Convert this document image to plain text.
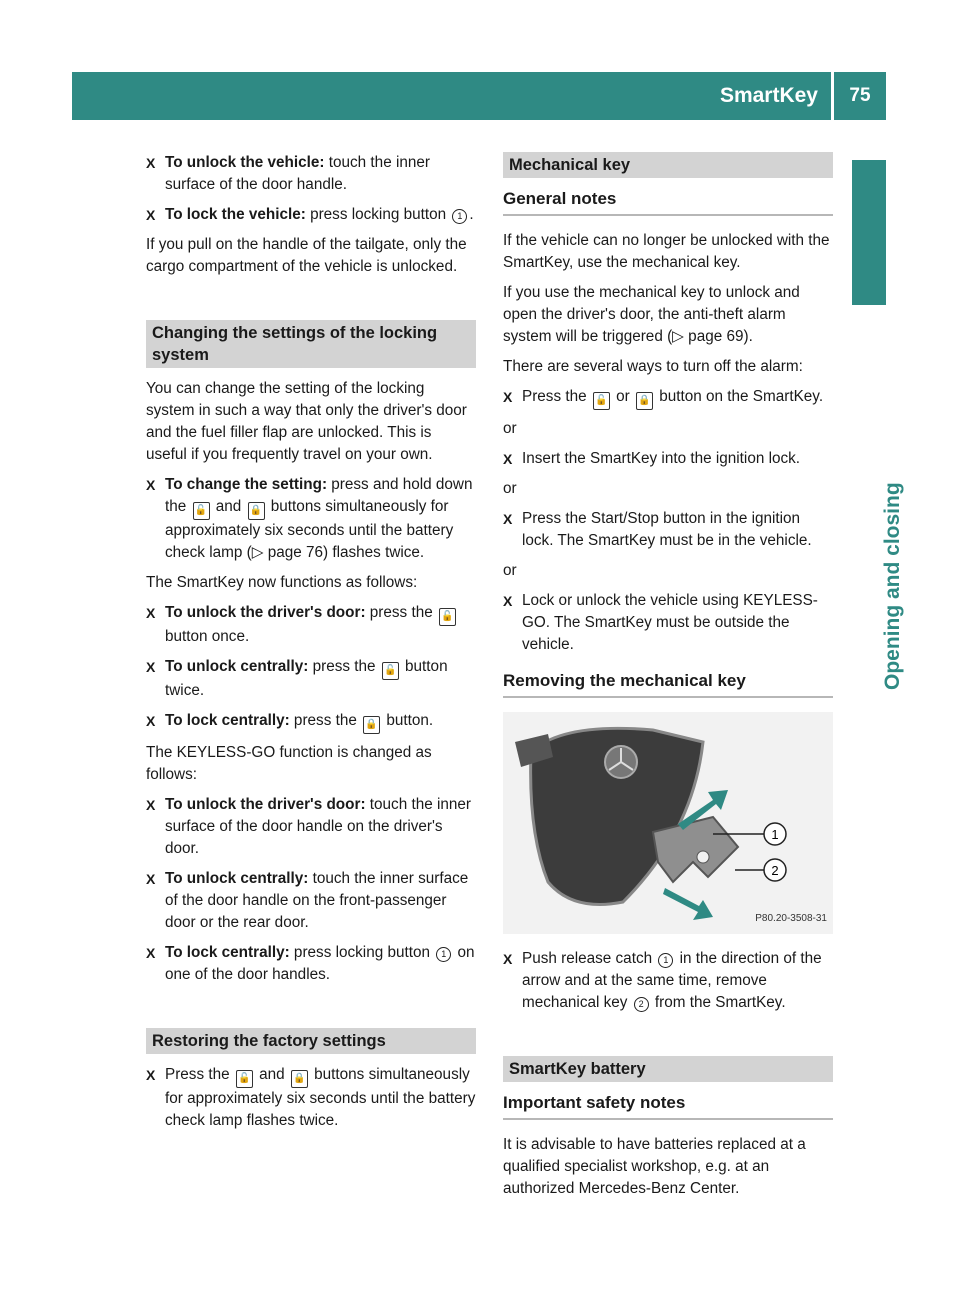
SmartKey	75
Opening and closing
X To unlock the vehicle: touch the inner surface of the door handle.
X To lock the vehicle: press locking button 1 .

If you pull on the handle of the tailgate, only the cargo compartment of the vehicle is unlocked.

Changing the settings of the locking system

You can change the setting of the locking system in such a way that only the driver's door and the fuel filler flap are unlocked. This is useful if you frequently travel on your own.

X To change the setting: press and hold down the 🔓 and 🔒 buttons simultaneously for approximately six seconds until the battery check lamp (▷ page 76) flashes twice.

The SmartKey now functions as follows:

X To unlock the driver's door: press the 🔓 button once.
X To unlock centrally: press the 🔓 button twice.
X To lock centrally: press the 🔒 button.

The KEYLESS-GO function is changed as follows:

X To unlock the driver's door: touch the inner surface of the door handle on the driver's door.
X To unlock centrally: touch the inner surface of the door handle on the front-passenger door or the rear door.
X To lock centrally: press locking button 1 on one of the door handles.
Restoring the factory settings
X Press the 🔓 and 🔒 buttons simultaneously for approximately six seconds until the battery check lamp flashes twice.
Mechanical key
General notes

If the vehicle can no longer be unlocked with the SmartKey, use the mechanical key.

If you use the mechanical key to unlock and open the driver's door, the anti-theft alarm system will be triggered (▷ page 69).

There are several ways to turn off the alarm:

X Press the 🔓 or 🔒 button on the SmartKey.

or

X Insert the SmartKey into the ignition lock.

or

X Press the Start/Stop button in the ignition lock. The SmartKey must be in the vehicle.

or

X Lock or unlock the vehicle using KEYLESS-GO. The SmartKey must be outside the vehicle.
Removing the mechanical key
1
2
P80.20-3508-31
X Push release catch 1 in the direction of the arrow and at the same time, remove mechanical key 2 from the SmartKey.
SmartKey battery
Important safety notes

It is advisable to have batteries replaced at a qualified specialist workshop, e.g. at an authorized Mercedes-Benz Center.
